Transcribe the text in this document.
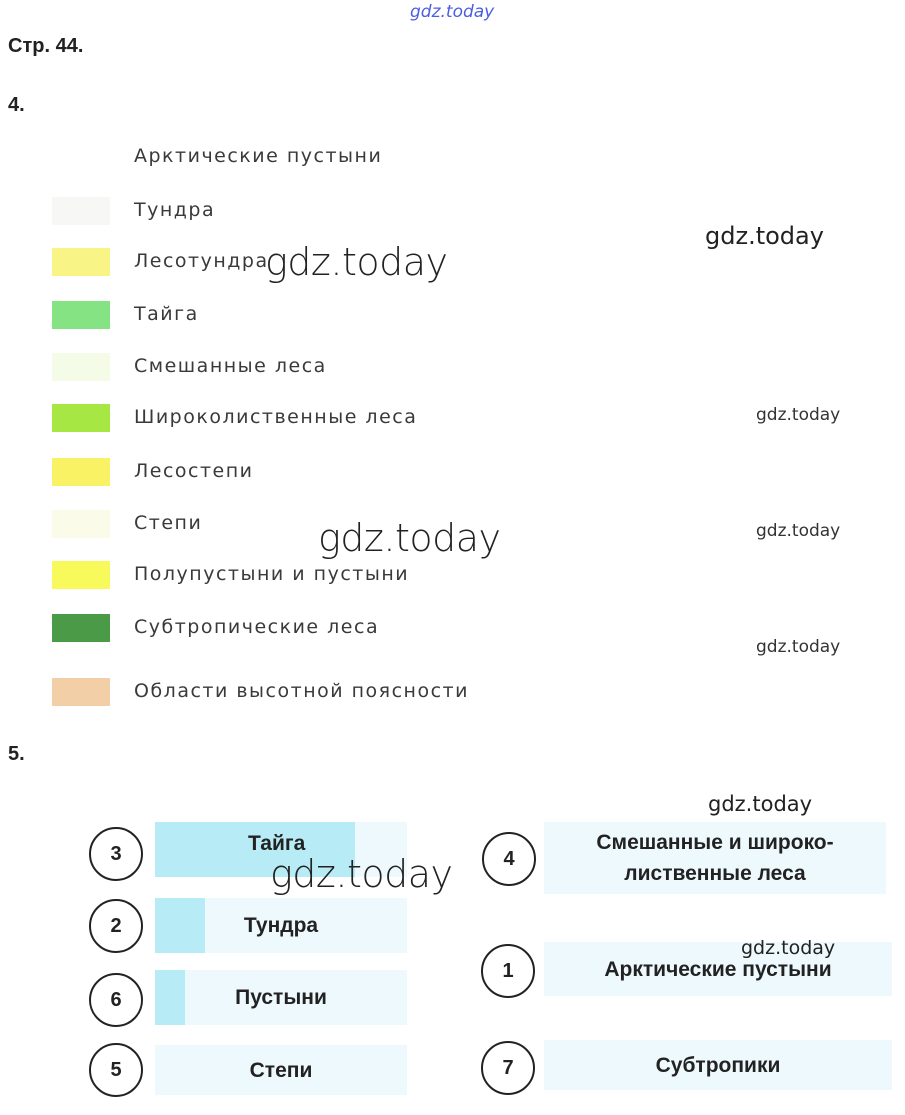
gdz.today
Стр. 44.
4.
Арктические пустыни
Тундра
Лесотундра
Тайга
Смешанные леса
Широколиственные леса
Лесостепи
Степи
Полупустыни и пустыни
Субтропические леса
Области высотной поясности
gdz.today
gdz.today
gdz.today
gdz.today
gdz.today
gdz.today
5.
Тайга
Тундра
Пустыни
Степи
3
2
6
5
Смешанные и широко-
лиственные леса
Арктические пустыни
Субтропики
4
1
7
gdz.today
gdz.today
gdz.today
